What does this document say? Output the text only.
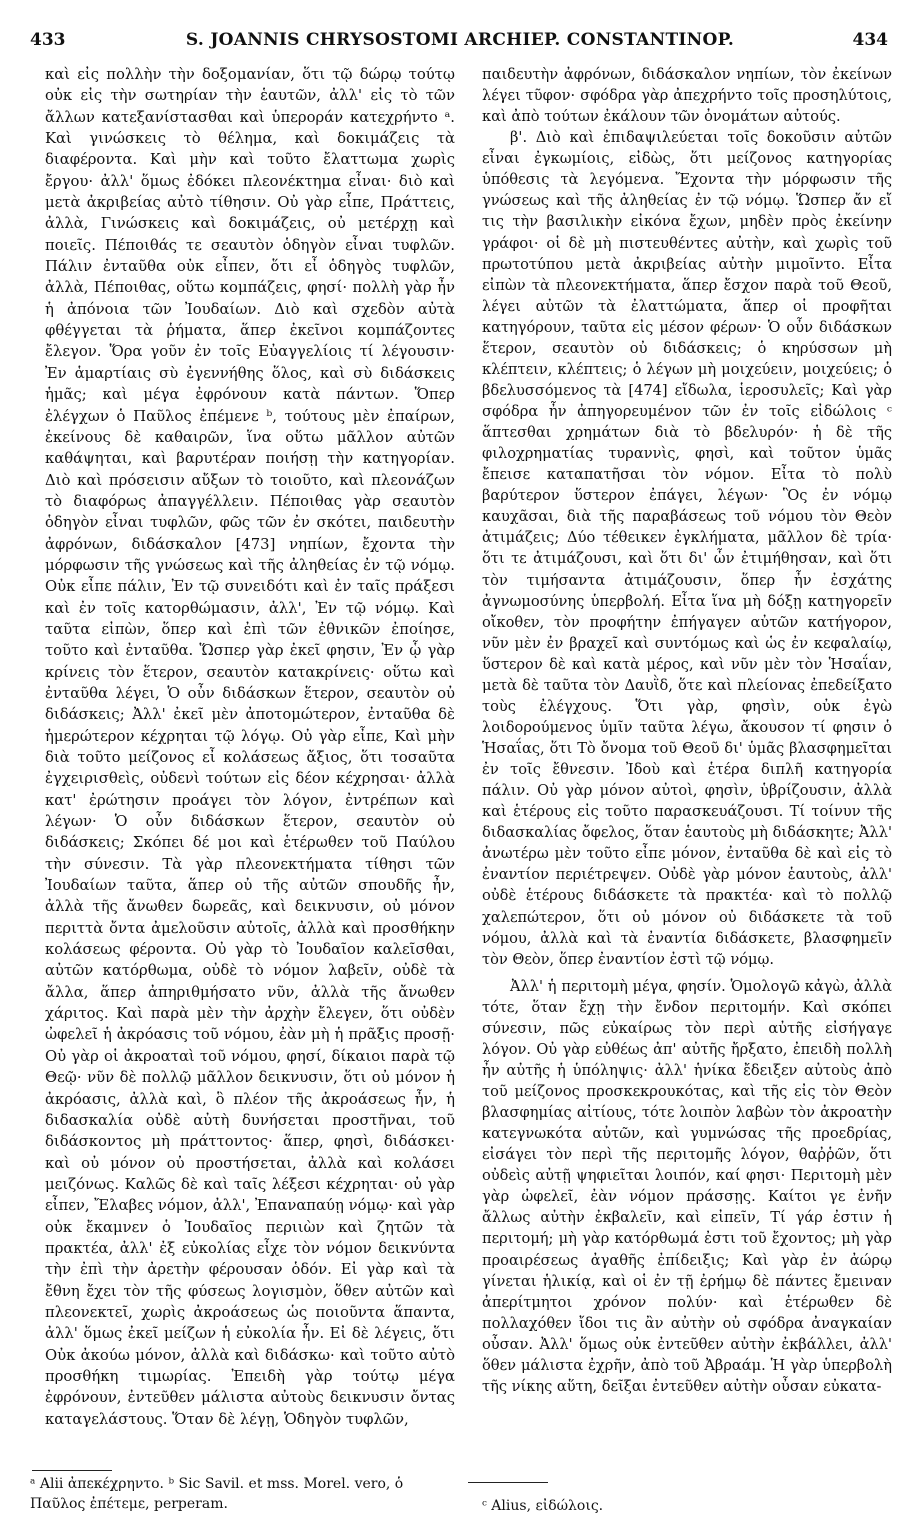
433	S. JOANNIS CHRYSOSTOMI ARCHIEP. CONSTANTINOP.	434

καὶ εἰς πολλὴν τὴν δοξομανίαν, ὅτι τῷ δώρῳ τούτῳ οὐκ εἰς τὴν σωτηρίαν τὴν ἑαυτῶν, ἀλλ' εἰς τὸ τῶν ἄλλων κατεξανίστασθαι καὶ ὑπεροράν κατεχρήντο ᵃ. Καὶ γινώσκεις τὸ θέλημα, καὶ δοκιμάζεις τὰ διαφέροντα. Καὶ μὴν καὶ τοῦτο ἔλαττωμα χωρὶς ἔργου· ἀλλ' ὅμως ἐδόκει πλεονέκτημα εἶναι· διὸ καὶ μετὰ ἀκριβείας αὐτὸ τίθησιν. Οὐ γὰρ εἶπε, Πράττεις, ἀλλὰ, Γινώσκεις καὶ δοκιμάζεις, οὐ μετέρχῃ καὶ ποιεῖς. Πέποιθάς τε σεαυτὸν ὁδηγὸν εἶναι τυφλῶν. Πάλιν ἐνταῦθα οὐκ εἶπεν, ὅτι εἶ ὁδηγὸς τυφλῶν, ἀλλὰ, Πέποιθας, οὕτω κομπάζεις, φησί· πολλὴ γὰρ ἦν ἡ ἀπόνοια τῶν Ἰουδαίων. Διὸ καὶ σχεδὸν αὐτὰ φθέγγεται τὰ ῥήματα, ἅπερ ἐκεῖνοι κομπάζοντες ἔλεγον. Ὅρα γοῦν ἐν τοῖς Εὐαγγελίοις τί λέγουσιν· Ἐν ἁμαρτίαις σὺ ἐγεννήθης ὅλος, καὶ σὺ διδάσκεις ἡμᾶς; καὶ μέγα ἐφρόνουν κατὰ πάντων. Ὅπερ ἐλέγχων ὁ Παῦλος ἐπέμενε ᵇ, τούτους μὲν ἐπαίρων, ἐκείνους δὲ καθαιρῶν, ἵνα οὕτω μᾶλλον αὐτῶν καθάψηται, καὶ βαρυτέραν ποιήσῃ τὴν κατηγορίαν. Διὸ καὶ πρόσεισιν αὔξων τὸ τοιοῦτο, καὶ πλεονάζων τὸ διαφόρως ἀπαγγέλλειν. Πέποιθας γὰρ σεαυτὸν ὁδηγὸν εἶναι τυφλῶν, φῶς τῶν ἐν σκότει, παιδευτὴν ἀφρόνων, διδάσκαλον [473] νηπίων, ἔχοντα τὴν μόρφωσιν τῆς γνώσεως καὶ τῆς ἀληθείας ἐν τῷ νόμῳ. Οὐκ εἶπε πάλιν, Ἐν τῷ συνειδότι καὶ ἐν ταῖς πράξεσι καὶ ἐν τοῖς κατορθώμασιν, ἀλλ', Ἐν τῷ νόμῳ. Καὶ ταῦτα εἰπὼν, ὅπερ καὶ ἐπὶ τῶν ἐθνικῶν ἐποίησε, τοῦτο καὶ ἐνταῦθα. Ὥσπερ γὰρ ἐκεῖ φησιν, Ἐν ᾧ γὰρ κρίνεις τὸν ἕτερον, σεαυτὸν κατακρίνεις· οὕτω καὶ ἐνταῦθα λέγει, Ὁ οὖν διδάσκων ἕτερον, σεαυτὸν οὐ διδάσκεις; Ἀλλ' ἐκεῖ μὲν ἀποτομώτερον, ἐνταῦθα δὲ ἡμερώτερον κέχρηται τῷ λόγῳ. Οὐ γὰρ εἶπε, Καὶ μὴν διὰ τοῦτο μείζονος εἶ κολάσεως ἄξιος, ὅτι τοσαῦτα ἐγχειρισθεὶς, οὐδενὶ τούτων εἰς δέον κέχρησαι· ἀλλὰ κατ' ἐρώτησιν προάγει τὸν λόγον, ἐντρέπων καὶ λέγων· Ὁ οὖν διδάσκων ἕτερον, σεαυτὸν οὐ διδάσκεις; Σκόπει δέ μοι καὶ ἑτέρωθεν τοῦ Παύλου τὴν σύνεσιν. Τὰ γὰρ πλεονεκτήματα τίθησι τῶν Ἰουδαίων ταῦτα, ἅπερ οὐ τῆς αὐτῶν σπουδῆς ἦν, ἀλλὰ τῆς ἄνωθεν δωρεᾶς, καὶ δεικνυσιν, οὐ μόνον περιττὰ ὄντα ἀμελοῦσιν αὐτοῖς, ἀλλὰ καὶ προσθήκην κολάσεως φέροντα. Οὐ γὰρ τὸ Ἰουδαῖον καλεῖσθαι, αὐτῶν κατόρθωμα, οὐδὲ τὸ νόμον λαβεῖν, οὐδὲ τὰ ἄλλα, ἅπερ ἀπηριθμήσατο νῦν, ἀλλὰ τῆς ἄνωθεν χάριτος. Καὶ παρὰ μὲν τὴν ἀρχὴν ἔλεγεν, ὅτι οὐδὲν ὠφελεῖ ἡ ἀκρόασις τοῦ νόμου, ἐὰν μὴ ἡ πρᾶξις προσῇ· Οὐ γὰρ οἱ ἀκροαταὶ τοῦ νόμου, φησί, δίκαιοι παρὰ τῷ Θεῷ· νῦν δὲ πολλῷ μᾶλλον δεικνυσιν, ὅτι οὐ μόνον ἡ ἀκρόασις, ἀλλὰ καὶ, ὃ πλέον τῆς ἀκροάσεως ἦν, ἡ διδασκαλία οὐδὲ αὐτὴ δυνήσεται προστῆναι, τοῦ διδάσκοντος μὴ πράττοντος· ἅπερ, φησὶ, διδάσκει· καὶ οὐ μόνον οὐ προστήσεται, ἀλλὰ καὶ κολάσει μειζόνως. Καλῶς δὲ καὶ ταῖς λέξεσι κέχρηται· οὐ γὰρ εἶπεν, Ἔλαβες νόμον, ἀλλ', Ἐπαναπαύῃ νόμῳ· καὶ γὰρ οὐκ ἔκαμνεν ὁ Ἰουδαῖος περιιὼν καὶ ζητῶν τὰ πρακτέα, ἀλλ' ἐξ εὐκολίας εἶχε τὸν νόμον δεικνύντα τὴν ἐπὶ τὴν ἀρετὴν φέρουσαν ὁδόν. Εἰ γὰρ καὶ τὰ ἔθνη ἔχει τὸν τῆς φύσεως λογισμὸν, ὅθεν αὐτῶν καὶ πλεονεκτεῖ, χωρὶς ἀκροάσεως ὡς ποιοῦντα ἅπαντα, ἀλλ' ὅμως ἐκεῖ μείζων ἡ εὐκολία ἦν. Εἰ δὲ λέγεις, ὅτι Οὐκ ἀκούω μόνον, ἀλλὰ καὶ διδάσκω· καὶ τοῦτο αὐτὸ προσθήκη τιμωρίας. Ἐπειδὴ γὰρ τούτῳ μέγα ἐφρόνουν, ἐντεῦθεν μάλιστα αὐτοὺς δεικνυσιν ὄντας καταγελάστους. Ὅταν δὲ λέγῃ, Ὁδηγὸν τυφλῶν,

παιδευτὴν ἀφρόνων, διδάσκαλον νηπίων, τὸν ἐκείνων λέγει τῦφον· σφόδρα γὰρ ἀπεχρήντο τοῖς προσηλύτοις, καὶ ἀπὸ τούτων ἐκάλουν τῶν ὀνομάτων αὐτούς.

β'. Διὸ καὶ ἐπιδαψιλεύεται τοῖς δοκοῦσιν αὐτῶν εἶναι ἐγκωμίοις, εἰδὼς, ὅτι μείζονος κατηγορίας ὑπόθεσις τὰ λεγόμενα. Ἔχοντα τὴν μόρφωσιν τῆς γνώσεως καὶ τῆς ἀληθείας ἐν τῷ νόμῳ. Ὥσπερ ἄν εἴ τις τὴν βασιλικὴν εἰκόνα ἔχων, μηδὲν πρὸς ἐκείνην γράφοι· οἱ δὲ μὴ πιστευθέντες αὐτὴν, καὶ χωρὶς τοῦ πρωτοτύπου μετὰ ἀκριβείας αὐτὴν μιμοῖντο. Εἶτα εἰπὼν τὰ πλεονεκτήματα, ἅπερ ἔσχον παρὰ τοῦ Θεοῦ, λέγει αὐτῶν τὰ ἐλαττώματα, ἅπερ οἱ προφῆται κατηγόρουν, ταῦτα εἰς μέσον φέρων· Ὁ οὖν διδάσκων ἕτερον, σεαυτὸν οὐ διδάσκεις; ὁ κηρύσσων μὴ κλέπτειν, κλέπτεις; ὁ λέγων μὴ μοιχεύειν, μοιχεύεις; ὁ βδελυσσόμενος τὰ [474] εἴδωλα, ἱεροσυλεῖς; Καὶ γὰρ σφόδρα ἦν ἀπηγορευμένον τῶν ἐν τοῖς εἰδώλοις ᶜ ἅπτεσθαι χρημάτων διὰ τὸ βδελυρόν· ἡ δὲ τῆς φιλοχρηματίας τυραννὶς, φησὶ, καὶ τοῦτον ὑμᾶς ἔπεισε καταπατῆσαι τὸν νόμον. Εἶτα τὸ πολὺ βαρύτερον ὕστερον ἐπάγει, λέγων· Ὃς ἐν νόμῳ καυχᾶσαι, διὰ τῆς παραβάσεως τοῦ νόμου τὸν Θεὸν ἀτιμάζεις; Δύο τέθεικεν ἐγκλήματα, μᾶλλον δὲ τρία· ὅτι τε ἀτιμάζουσι, καὶ ὅτι δι' ὧν ἐτιμήθησαν, καὶ ὅτι τὸν τιμήσαντα ἀτιμάζουσιν, ὅπερ ἦν ἐσχάτης ἀγνωμοσύνης ὑπερβολή. Εἶτα ἵνα μὴ δόξῃ κατηγορεῖν οἴκοθεν, τὸν προφήτην ἐπήγαγεν αὐτῶν κατήγορον, νῦν μὲν ἐν βραχεῖ καὶ συντόμως καὶ ὡς ἐν κεφαλαίῳ, ὕστερον δὲ καὶ κατὰ μέρος, καὶ νῦν μὲν τὸν Ἡσαΐαν, μετὰ δὲ ταῦτα τὸν Δαυῒδ, ὅτε καὶ πλείονας ἐπεδείξατο τοὺς ἐλέγχους. Ὅτι γὰρ, φησὶν, οὐκ ἐγὼ λοιδορούμενος ὑμῖν ταῦτα λέγω, ἄκουσον τί φησιν ὁ Ἡσαΐας, ὅτι Τὸ ὄνομα τοῦ Θεοῦ δι' ὑμᾶς βλασφημεῖται ἐν τοῖς ἔθνεσιν. Ἰδοὺ καὶ ἑτέρα διπλῆ κατηγορία πάλιν. Οὐ γὰρ μόνον αὐτοὶ, φησὶν, ὑβρίζουσιν, ἀλλὰ καὶ ἑτέρους εἰς τοῦτο παρασκευάζουσι. Τί τοίνυν τῆς διδασκαλίας ὄφελος, ὅταν ἑαυτοὺς μὴ διδάσκητε; Ἀλλ' ἀνωτέρω μὲν τοῦτο εἶπε μόνον, ἐνταῦθα δὲ καὶ εἰς τὸ ἐναντίον περιέτρεψεν. Οὐδὲ γὰρ μόνον ἑαυτοὺς, ἀλλ' οὐδὲ ἑτέρους διδάσκετε τὰ πρακτέα· καὶ τὸ πολλῷ χαλεπώτερον, ὅτι οὐ μόνον οὐ διδάσκετε τὰ τοῦ νόμου, ἀλλὰ καὶ τὰ ἐναντία διδάσκετε, βλασφημεῖν τὸν Θεὸν, ὅπερ ἐναντίον ἐστὶ τῷ νόμῳ.

Ἀλλ' ἡ περιτομὴ μέγα, φησίν. Ὁμολογῶ κἀγὼ, ἀλλὰ τότε, ὅταν ἔχῃ τὴν ἔνδον περιτομήν. Καὶ σκόπει σύνεσιν, πῶς εὐκαίρως τὸν περὶ αὐτῆς εἰσήγαγε λόγον. Οὐ γὰρ εὐθέως ἀπ' αὐτῆς ἤρξατο, ἐπειδὴ πολλὴ ἦν αὐτῆς ἡ ὑπόληψις· ἀλλ' ἡνίκα ἔδειξεν αὐτοὺς ἀπὸ τοῦ μείζονος προσκεκρουκότας, καὶ τῆς εἰς τὸν Θεὸν βλασφημίας αἰτίους, τότε λοιπὸν λαβὼν τὸν ἀκροατὴν κατεγνωκότα αὐτῶν, καὶ γυμνώσας τῆς προεδρίας, εἰσάγει τὸν περὶ τῆς περιτομῆς λόγον, θαῤῥῶν, ὅτι οὐδεὶς αὐτῇ ψηφιεῖται λοιπόν, καί φησι· Περιτομὴ μὲν γὰρ ὠφελεῖ, ἐὰν νόμον πράσσῃς. Καίτοι γε ἐνῆν ἄλλως αὐτὴν ἐκβαλεῖν, καὶ εἰπεῖν, Τί γάρ ἐστιν ἡ περιτομή; μὴ γὰρ κατόρθωμά ἐστι τοῦ ἔχοντος; μὴ γὰρ προαιρέσεως ἀγαθῆς ἐπίδειξις; Καὶ γὰρ ἐν ἀώρῳ γίνεται ἡλικίᾳ, καὶ οἱ ἐν τῇ ἐρήμῳ δὲ πάντες ἔμειναν ἀπερίτμητοι χρόνον πολύν· καὶ ἑτέρωθεν δὲ πολλαχόθεν ἴδοι τις ἂν αὐτὴν οὐ σφόδρα ἀναγκαίαν οὖσαν. Ἀλλ' ὅμως οὐκ ἐντεῦθεν αὐτὴν ἐκβάλλει, ἀλλ' ὅθεν μάλιστα ἐχρῆν, ἀπὸ τοῦ Ἀβραάμ. Ἡ γὰρ ὑπερβολὴ τῆς νίκης αὕτη, δεῖξαι ἐντεῦθεν αὐτὴν οὖσαν εὐκατα-

ᵃ Alii ἀπεκέχρηντο. ᵇ Sic Savil. et mss. Morel. vero, ὁ Παῦλος ἐπέτεμε, perperam.	ᶜ Alius, εἰδώλοις.
